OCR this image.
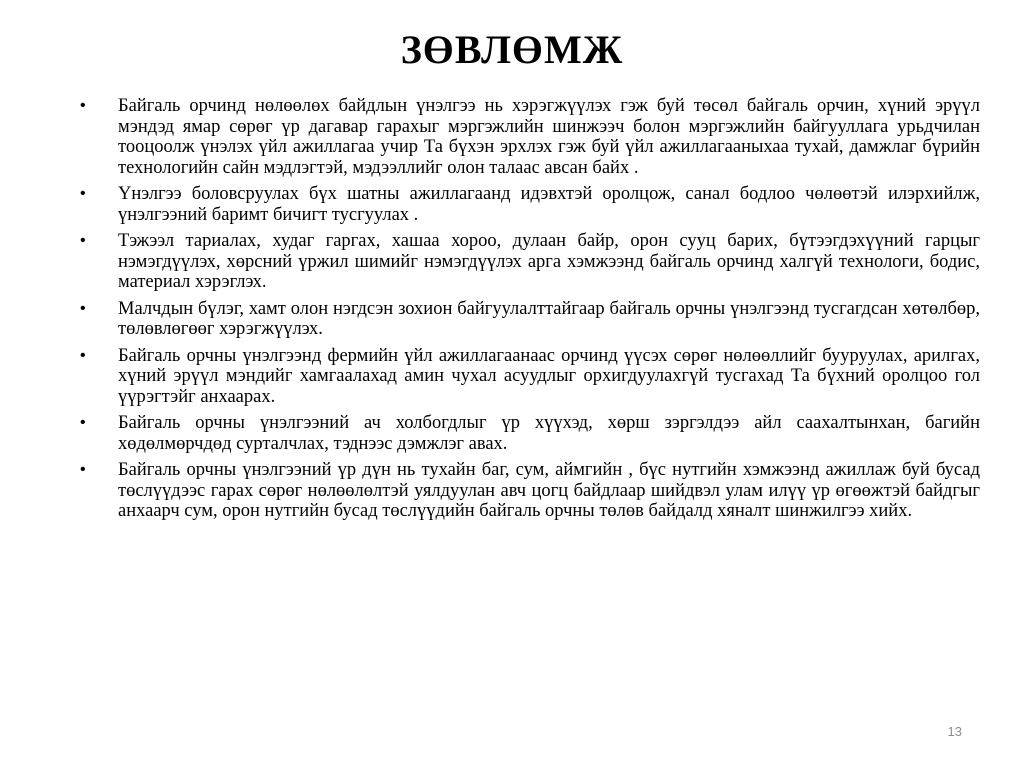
ЗӨВЛӨМЖ
• Байгаль орчинд нөлөөлөх байдлын үнэлгээ нь хэрэгжүүлэх гэж буй төсөл байгаль орчин, хүний эрүүл мэндэд ямар сөрөг үр дагавар гарахыг мэргэжлийн шинжээч болон мэргэжлийн байгууллага урьдчилан тооцоолж үнэлэх үйл ажиллагаа учир Та бүхэн эрхлэх гэж буй үйл ажиллагааныхаа тухай, дамжлаг бүрийн технологийн сайн мэдлэгтэй, мэдээллийг олон талаас авсан байх .
• Үнэлгээ боловсруулах бүх шатны ажиллагаанд идэвхтэй оролцож, санал бодлоо чөлөөтэй илэрхийлж, үнэлгээний баримт бичигт тусгуулах .
• Тэжээл тариалах, худаг гаргах, хашаа хороо, дулаан байр, орон сууц барих, бүтээгдэхүүний гарцыг нэмэгдүүлэх, хөрсний үржил шимийг нэмэгдүүлэх арга хэмжээнд байгаль орчинд халгүй технологи, бодис, материал хэрэглэх.
• Малчдын бүлэг, хамт олон нэгдсэн зохион байгуулалттайгаар байгаль орчны үнэлгээнд тусгагдсан хөтөлбөр, төлөвлөгөөг хэрэгжүүлэх.
• Байгаль орчны үнэлгээнд фермийн үйл ажиллагаанаас орчинд үүсэх сөрөг нөлөөллийг бууруулах, арилгах, хүний эрүүл мэндийг хамгаалахад амин чухал асуудлыг орхигдуулахгүй тусгахад Та бүхний оролцоо гол үүрэгтэйг анхаарах.
• Байгаль орчны үнэлгээний ач холбогдлыг үр хүүхэд, хөрш зэргэлдээ айл саахалтынхан, багийн хөдөлмөрчдөд сурталчлах, тэднээс дэмжлэг авах.
• Байгаль орчны үнэлгээний үр дүн нь тухайн баг, сум, аймгийн , бүс нутгийн хэмжээнд ажиллаж буй бусад төслүүдээс гарах сөрөг нөлөөлөлтэй уялдуулан авч цогц байдлаар шийдвэл улам илүү үр өгөөжтэй байдгыг анхаарч сум, орон нутгийн бусад төслүүдийн байгаль орчны төлөв байдалд хяналт шинжилгээ хийх.
13
